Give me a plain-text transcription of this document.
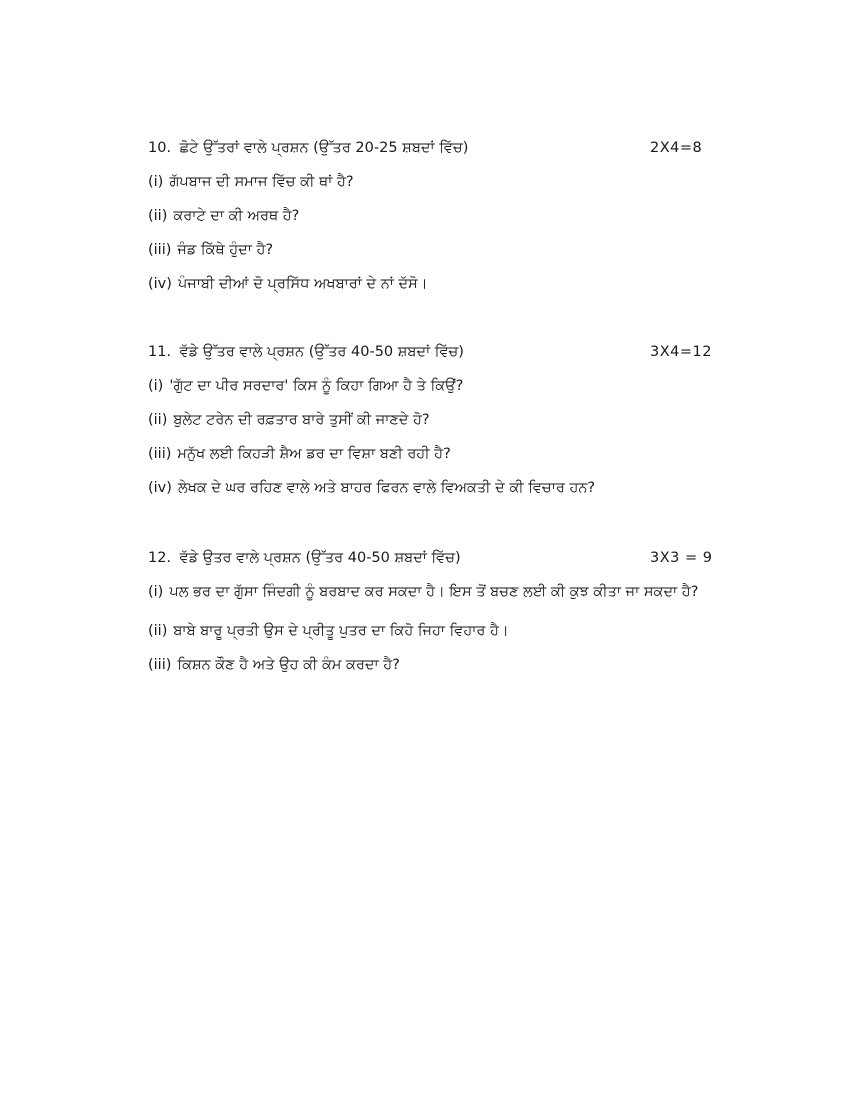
10. ਛੋਟੇ ਉੱਤਰਾਂ ਵਾਲੇ ਪ੍ਰਸ਼ਨ (ਉੱਤਰ 20-25 ਸ਼ਬਦਾਂ ਵਿੱਚ)	2X4=8
(i) ਗੱਪਬਾਜ ਦੀ ਸਮਾਜ ਵਿੱਚ ਕੀ ਥਾਂ ਹੈ?
(ii) ਕਰਾਟੇ ਦਾ ਕੀ ਅਰਥ ਹੈ?
(iii) ਜੰਡ ਕਿੱਥੇ ਹੁੰਦਾ ਹੈ?
(iv) ਪੰਜਾਬੀ ਦੀਆਂ ਦੋ ਪ੍ਰਸਿੱਧ ਅਖਬਾਰਾਂ ਦੇ ਨਾਂ ਦੱਸੋ।
11. ਵੱਡੇ ਉੱਤਰ ਵਾਲੇ ਪ੍ਰਸ਼ਨ (ਉੱਤਰ 40-50 ਸ਼ਬਦਾਂ ਵਿੱਚ)	3X4=12
(i) 'ਗੁੱਟ ਦਾ ਪੀਰ ਸਰਦਾਰ' ਕਿਸ ਨੂੰ ਕਿਹਾ ਗਿਆ ਹੈ ਤੇ ਕਿਉਂ?
(ii) ਬੁਲੇਟ ਟਰੇਨ ਦੀ ਰਫ਼ਤਾਰ ਬਾਰੇ ਤੁਸੀਂ ਕੀ ਜਾਣਦੇ ਹੋ?
(iii) ਮਨੁੱਖ ਲਈ ਕਿਹੜੀ ਸ਼ੈਅ ਡਰ ਦਾ ਵਿਸ਼ਾ ਬਣੀ ਰਹੀ ਹੈ?
(iv) ਲੇਖਕ ਦੇ ਘਰ ਰਹਿਣ ਵਾਲੇ ਅਤੇ ਬਾਹਰ ਫਿਰਨ ਵਾਲੇ ਵਿਅਕਤੀ ਦੇ ਕੀ ਵਿਚਾਰ ਹਨ?
12. ਵੱਡੇ ਉਤਰ ਵਾਲੇ ਪ੍ਰਸ਼ਨ (ਉੱਤਰ 40-50 ਸ਼ਬਦਾਂ ਵਿੱਚ)	3X3 = 9
(i) ਪਲ ਭਰ ਦਾ ਗੁੱਸਾ ਜਿੰਦਗੀ ਨੂੰ ਬਰਬਾਦ ਕਰ ਸਕਦਾ ਹੈ। ਇਸ ਤੋਂ ਬਚਣ ਲਈ ਕੀ ਕੁਝ ਕੀਤਾ ਜਾ ਸਕਦਾ ਹੈ?
(ii) ਬਾਬੇ ਬਾਰੂ ਪ੍ਰਤੀ ਉਸ ਦੇ ਪ੍ਰੀਤੂ ਪੁਤਰ ਦਾ ਕਿਹੋ ਜਿਹਾ ਵਿਹਾਰ ਹੈ।
(iii) ਕਿਸ਼ਨ ਕੌਣ ਹੈ ਅਤੇ ਉਹ ਕੀ ਕੰਮ ਕਰਦਾ ਹੈ?
